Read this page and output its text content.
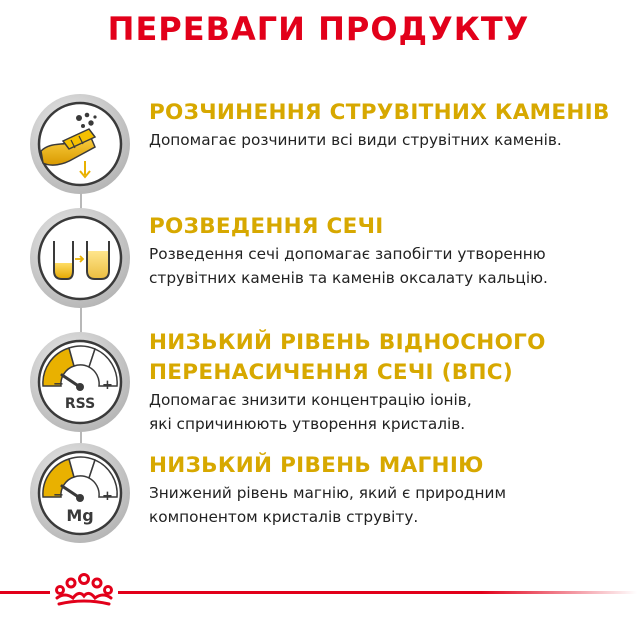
ПЕРЕВАГИ ПРОДУКТУ
РОЗЧИНЕННЯ СТРУВІТНИХ КАМЕНІВ
Допомагає розчинити всі види струвітних каменів.
РОЗВЕДЕННЯ СЕЧІ
Розведення сечі допомагає запобігти утворенню
струвітних каменів та каменів оксалату кальцію.
−	+
RSS
НИЗЬКИЙ РІВЕНЬ ВІДНОСНОГО
ПЕРЕНАСИЧЕННЯ СЕЧІ (ВПС)
Допомагає знизити концентрацію іонів,
які спричинюють утворення кристалів.
−	+
Mg
НИЗЬКИЙ РІВЕНЬ МАГНІЮ
Знижений рівень магнію, який є природним
компонентом кристалів струвіту.
